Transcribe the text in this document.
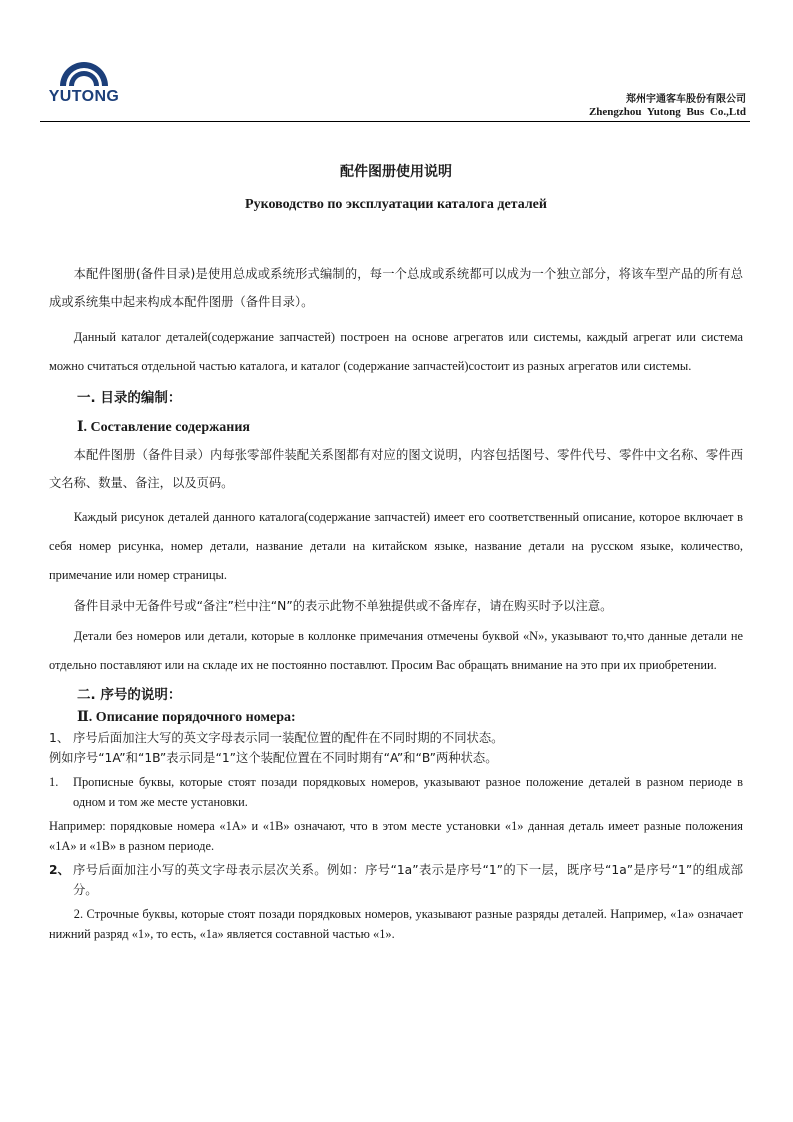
YUTONG	郑州宇通客车股份有限公司
Zhengzhou Yutong Bus Co.,Ltd
配件图册使用说明
Руководство по эксплуатации каталога деталей

本配件图册(备件目录)是使用总成或系统形式编制的，每一个总成或系统都可以成为一个独立部分，将该车型产品的所有总成或系统集中起来构成本配件图册（备件目录）。

Данный каталог деталей(содержание запчастей) построен на основе агрегатов или системы, каждый агрегат или система можно считаться отдельной частью каталога, и каталог (содержание запчастей)состоит из разных агрегатов или системы.

一. 目录的编制：
Ⅰ. Составление содержания

本配件图册（备件目录）内每张零部件装配关系图都有对应的图文说明，内容包括图号、零件代号、零件中文名称、零件西文名称、数量、备注，以及页码。

Каждый рисунок деталей данного каталога(содержание запчастей) имеет его соответственный описание, которое включает в себя номер рисунка, номер детали, название детали на китайском языке, название детали на русском языке, количество, примечание или номер страницы.

备件目录中无备件号或“备注”栏中注“N”的表示此物不单独提供或不备库存，请在购买时予以注意。

Детали без номеров или детали, которые в коллонке примечания отмечены буквой «N», указывают то,что данные детали не отдельно поставляют или на складе их не постоянно поставлют. Просим Вас обращать внимание на это при их приобретении.

二. 序号的说明：
Ⅱ. Описание порядочного номера:

1、 序号后面加注大写的英文字母表示同一装配位置的配件在不同时期的不同状态。

例如序号“1A”和“1B”表示同是“1”这个装配位置在不同时期有“A”和“B”两种状态。

1.	Прописные буквы, которые стоят позади порядковых номеров, указывают разное положение деталей в разном периоде в одном и том же месте установки.

Например: порядковые номера «1A» и «1B» означают, что в этом месте установки «1» данная деталь имеет разные положения «1A» и «1B» в разном периоде.

2、 序号后面加注小写的英文字母表示层次关系。例如：序号“1a”表示是序号“1”的下一层，既序号“1a”是序号“1”的组成部分。

2. Строчные буквы, которые стоят позади порядковых номеров, указывают разные разряды деталей. Например, «1a» означает нижний разряд «1», то есть, «1a» является составной частью «1».
